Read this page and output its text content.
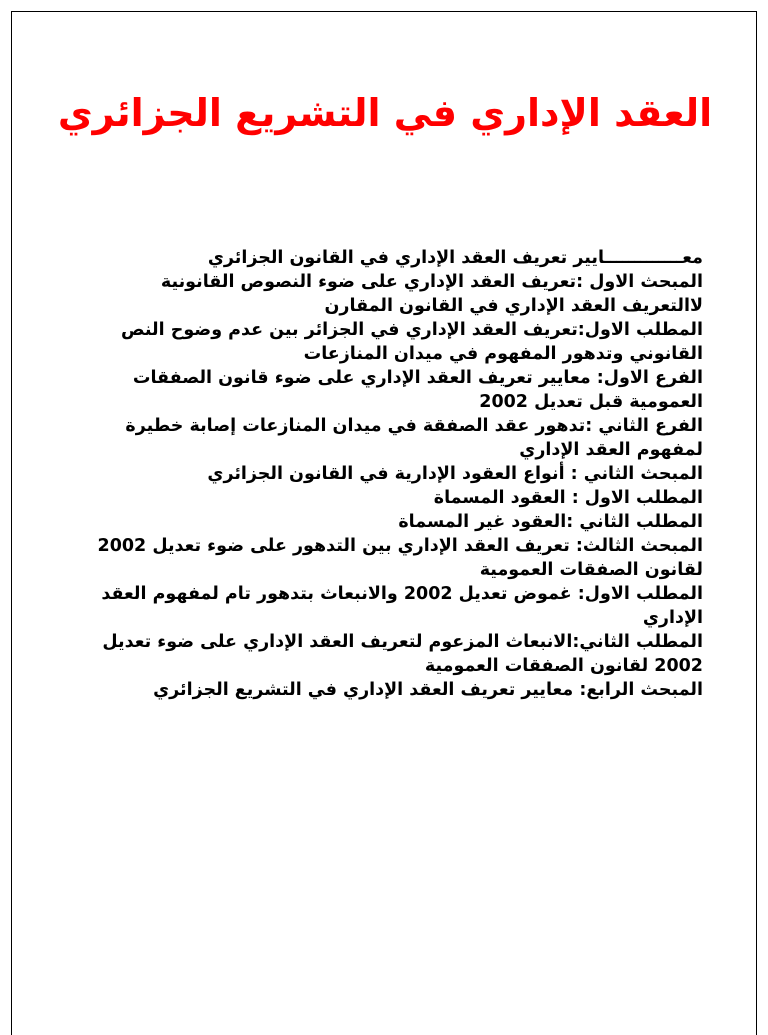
العقد الإداري في التشريع الجزائري
معـــــــــــــايير تعريف العقد الإداري في القانون الجزائري
المبحث الاول :تعريف العقد الإداري على ضوء النصوص القانونية لاالتعريف العقد الإداري في القانون المقارن
المطلب الاول:تعريف العقد الإداري في الجزائر بين عدم وضوح النص القانوني وتدهور المفهوم في ميدان المنازعات
الفرع الاول: معايير تعريف العقد الإداري على ضوء قانون الصفقات العمومية قبل تعديل 2002
الفرع الثاني :تدهور عقد الصفقة في ميدان المنازعات إصابة خطيرة لمفهوم العقد الإداري
المبحث الثاني : أنواع العقود الإدارية في القانون الجزائري
المطلب الاول : العقود المسماة
المطلب الثاني :العقود غير المسماة
المبحث الثالث: تعريف العقد الإداري بين التدهور على ضوء تعديل 2002 لقانون الصفقات العمومية
المطلب الاول: غموض تعديل 2002 والانبعاث بتدهور تام لمفهوم العقد الإداري
المطلب الثاني:الانبعاث المزعوم لتعريف العقد الإداري على ضوء تعديل 2002 لقانون الصفقات العمومية
المبحث الرابع: معايير تعريف العقد الإداري في التشريع الجزائري
